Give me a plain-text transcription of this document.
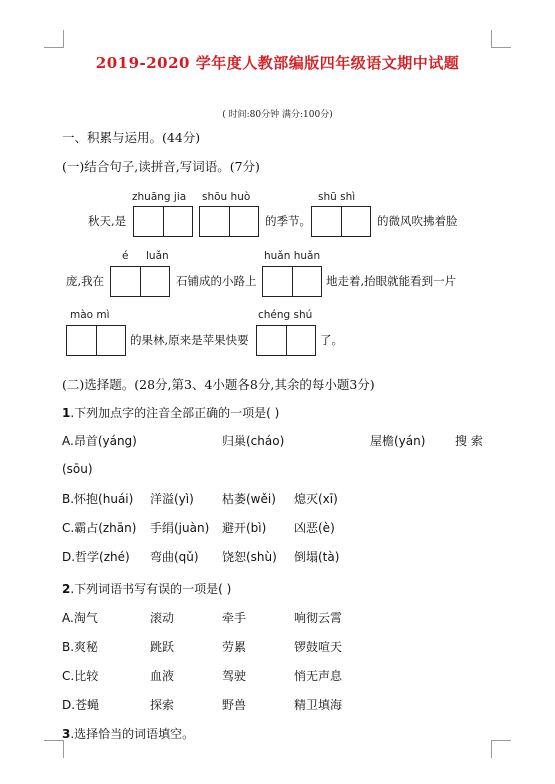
2019-2020 学年度人教部编版四年级语文期中试题
( 时间:80分钟 满分:100分)
一、积累与运用。(44分)
(一)结合句子,读拼音,写词语。(7分)
zhuāng jia shōu huò	shū shì
秋天,是	的季节。	的微风吹拂着脸
é luǎn	huǎn huǎn
庞,我在	石铺成的小路上	地走着,抬眼就能看到一片
mào mì	chéng shú
的果林,原来是苹果快要	了。
(二)选择题。(28分,第3、4小题各8分,其余的每小题3分)
1.下列加点字的注音全部正确的一项是( )
A.昂首(yáng)	归巢(cháo)	屋檐(yán) 搜 索
(sōu)
B.怀抱(huái) 洋溢(yì) 枯萎(wěi) 熄灭(xī)
C.霸占(zhān) 手绢(juàn) 避开(bì) 凶恶(è)
D.哲学(zhé) 弯曲(qǔ) 饶恕(shù) 倒塌(tà)
2.下列词语书写有误的一项是( )
A.淘气	滚动	牵手	响彻云霄
B.爽秘	跳跃	劳累	锣鼓喧天
C.比较	血液	驾驶	悄无声息
D.苍蝇	探索	野兽	精卫填海
3.选择恰当的词语填空。
